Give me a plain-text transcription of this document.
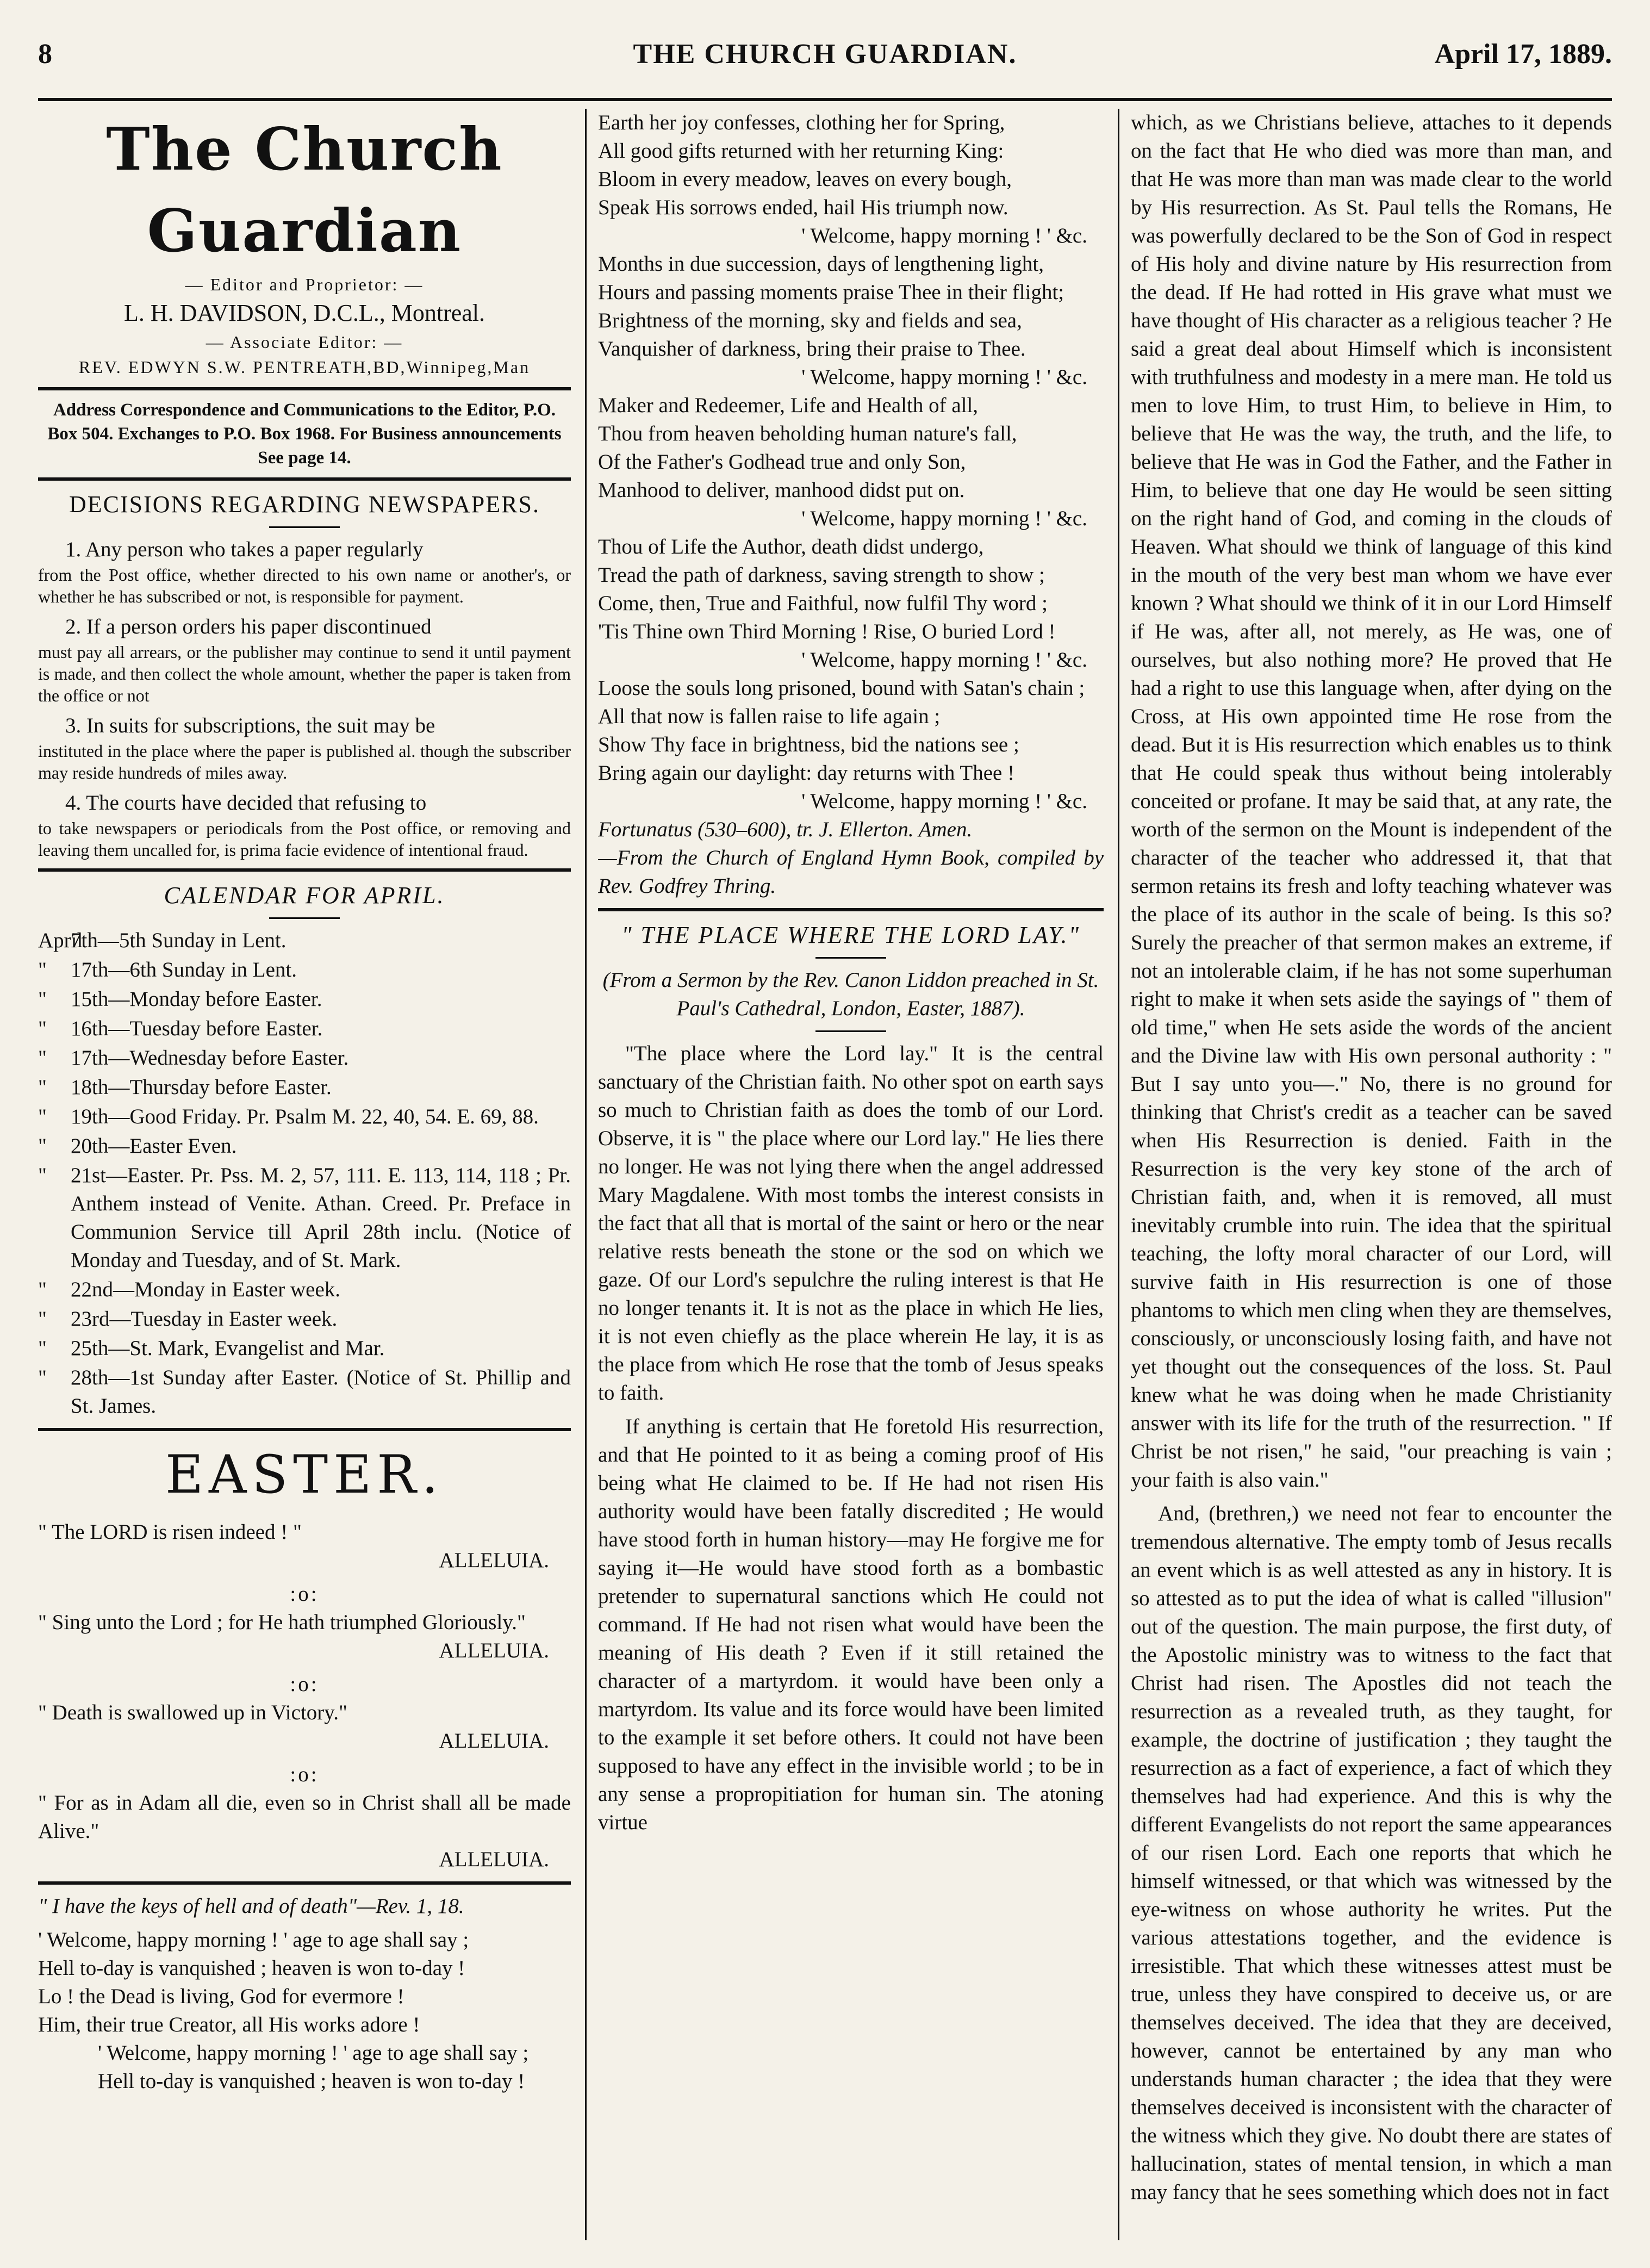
8	THE CHURCH GUARDIAN.	April 17, 1889.
The Church Guardian
— Editor and Proprietor: —
L. H. DAVIDSON, D.C.L., Montreal.
— Associate Editor: —
REV. EDWYN S.W. PENTREATH,BD,Winnipeg,Man
Address Correspondence and Communications to the Editor, P.O. Box 504. Exchanges to P.O. Box 1968. For Business announcements See page 14.
DECISIONS REGARDING NEWSPAPERS.

1. Any person who takes a paper regularly

from the Post office, whether directed to his own name or another's, or whether he has subscribed or not, is responsible for payment.

2. If a person orders his paper discontinued

must pay all arrears, or the publisher may continue to send it until payment is made, and then collect the whole amount, whether the paper is taken from the office or not

3. In suits for subscriptions, the suit may be

instituted in the place where the paper is published al. though the subscriber may reside hundreds of miles away.

4. The courts have decided that refusing to

to take newspapers or periodicals from the Post office, or removing and leaving them uncalled for, is prima facie evidence of intentional fraud.

CALENDAR FOR APRIL.
April
7th—5th Sunday in Lent.
" 17th—6th Sunday in Lent.
" 15th—Monday before Easter.
" 16th—Tuesday before Easter.
" 17th—Wednesday before Easter.
" 18th—Thursday before Easter.
" 19th—Good Friday. Pr. Psalm M. 22, 40, 54. E. 69, 88.
" 20th—Easter Even.
" 21st—Easter. Pr. Pss. M. 2, 57, 111. E. 113, 114, 118 ; Pr. Anthem instead of Venite. Athan. Creed. Pr. Preface in Communion Service till April 28th inclu. (Notice of Monday and Tuesday, and of St. Mark.
" 22nd—Monday in Easter week.
" 23rd—Tuesday in Easter week.
" 25th—St. Mark, Evangelist and Mar.
" 28th—1st Sunday after Easter. (Notice of St. Phillip and St. James.
EASTER.

" The LORD is risen indeed ! "

ALLELUIA.

:o:

" Sing unto the Lord ; for He hath triumphed Gloriously."

ALLELUIA.

:o:

" Death is swallowed up in Victory."

ALLELUIA.

:o:

" For as in Adam all die, even so in Christ shall all be made Alive."

ALLELUIA.

" I have the keys of hell and of death"—Rev. 1, 18.

' Welcome, happy morning ! ' age to age shall say ;
Hell to-day is vanquished ; heaven is won to-day !
Lo ! the Dead is living, God for evermore !
Him, their true Creator, all His works adore !
' Welcome, happy morning ! ' age to age shall say ;
Hell to-day is vanquished ; heaven is won to-day !
Earth her joy confesses, clothing her for Spring,
All good gifts returned with her returning King:
Bloom in every meadow, leaves on every bough,
Speak His sorrows ended, hail His triumph now.
' Welcome, happy morning ! ' &c.
Months in due succession, days of lengthening light,
Hours and passing moments praise Thee in their flight;
Brightness of the morning, sky and fields and sea,
Vanquisher of darkness, bring their praise to Thee.
' Welcome, happy morning ! ' &c.
Maker and Redeemer, Life and Health of all,
Thou from heaven beholding human nature's fall,
Of the Father's Godhead true and only Son,
Manhood to deliver, manhood didst put on.
' Welcome, happy morning ! ' &c.
Thou of Life the Author, death didst undergo,
Tread the path of darkness, saving strength to show ;
Come, then, True and Faithful, now fulfil Thy word ;
'Tis Thine own Third Morning ! Rise, O buried Lord !
' Welcome, happy morning ! ' &c.
Loose the souls long prisoned, bound with Satan's chain ;
All that now is fallen raise to life again ;
Show Thy face in brightness, bid the nations see ;
Bring again our daylight: day returns with Thee !
' Welcome, happy morning ! ' &c.

Fortunatus (530–600), tr. J. Ellerton. Amen.

—From the Church of England Hymn Book, compiled by Rev. Godfrey Thring.

" THE PLACE WHERE THE LORD LAY."

(From a Sermon by the Rev. Canon Liddon preached in St. Paul's Cathedral, London, Easter, 1887).

"The place where the Lord lay." It is the central sanctuary of the Christian faith. No other spot on earth says so much to Christian faith as does the tomb of our Lord. Observe, it is " the place where our Lord lay." He lies there no longer. He was not lying there when the angel addressed Mary Magdalene. With most tombs the interest consists in the fact that all that is mortal of the saint or hero or the near relative rests beneath the stone or the sod on which we gaze. Of our Lord's sepulchre the ruling interest is that He no longer tenants it. It is not as the place in which He lies, it is not even chiefly as the place wherein He lay, it is as the place from which He rose that the tomb of Jesus speaks to faith.

If anything is certain that He foretold His resurrection, and that He pointed to it as being a coming proof of His being what He claimed to be. If He had not risen His authority would have been fatally discredited ; He would have stood forth in human history—may He forgive me for saying it—He would have stood forth as a bombastic pretender to supernatural sanctions which He could not command. If He had not risen what would have been the meaning of His death ? Even if it still retained the character of a martyrdom. it would have been only a martyrdom. Its value and its force would have been limited to the example it set before others. It could not have been supposed to have any effect in the invisible world ; to be in any sense a propropitiation for human sin. The atoning virtue

which, as we Christians believe, attaches to it depends on the fact that He who died was more than man, and that He was more than man was made clear to the world by His resurrection. As St. Paul tells the Romans, He was powerfully declared to be the Son of God in respect of His holy and divine nature by His resurrection from the dead. If He had rotted in His grave what must we have thought of His character as a religious teacher ? He said a great deal about Himself which is inconsistent with truthfulness and modesty in a mere man. He told us men to love Him, to trust Him, to believe in Him, to believe that He was the way, the truth, and the life, to believe that He was in God the Father, and the Father in Him, to believe that one day He would be seen sitting on the right hand of God, and coming in the clouds of Heaven. What should we think of language of this kind in the mouth of the very best man whom we have ever known ? What should we think of it in our Lord Himself if He was, after all, not merely, as He was, one of ourselves, but also nothing more? He proved that He had a right to use this language when, after dying on the Cross, at His own appointed time He rose from the dead. But it is His resurrection which enables us to think that He could speak thus without being intolerably conceited or profane. It may be said that, at any rate, the worth of the sermon on the Mount is independent of the character of the teacher who addressed it, that that sermon retains its fresh and lofty teaching whatever was the place of its author in the scale of being. Is this so? Surely the preacher of that sermon makes an extreme, if not an intolerable claim, if he has not some superhuman right to make it when sets aside the sayings of " them of old time," when He sets aside the words of the ancient and the Divine law with His own personal authority : " But I say unto you—." No, there is no ground for thinking that Christ's credit as a teacher can be saved when His Resurrection is denied. Faith in the Resurrection is the very key stone of the arch of Christian faith, and, when it is removed, all must inevitably crumble into ruin. The idea that the spiritual teaching, the lofty moral character of our Lord, will survive faith in His resurrection is one of those phantoms to which men cling when they are themselves, consciously, or unconsciously losing faith, and have not yet thought out the consequences of the loss. St. Paul knew what he was doing when he made Christianity answer with its life for the truth of the resurrection. " If Christ be not risen," he said, "our preaching is vain ; your faith is also vain."

And, (brethren,) we need not fear to encounter the tremendous alternative. The empty tomb of Jesus recalls an event which is as well attested as any in history. It is so attested as to put the idea of what is called "illusion" out of the question. The main purpose, the first duty, of the Apostolic ministry was to witness to the fact that Christ had risen. The Apostles did not teach the resurrection as a revealed truth, as they taught, for example, the doctrine of justification ; they taught the resurrection as a fact of experience, a fact of which they themselves had had experience. And this is why the different Evangelists do not report the same appearances of our risen Lord. Each one reports that which he himself witnessed, or that which was witnessed by the eye-witness on whose authority he writes. Put the various attestations together, and the evidence is irresistible. That which these witnesses attest must be true, unless they have conspired to deceive us, or are themselves deceived. The idea that they are deceived, however, cannot be entertained by any man who understands human character ; the idea that they were themselves deceived is inconsistent with the character of the witness which they give. No doubt there are states of hallucination, states of mental tension, in which a man may fancy that he sees something which does not in fact
